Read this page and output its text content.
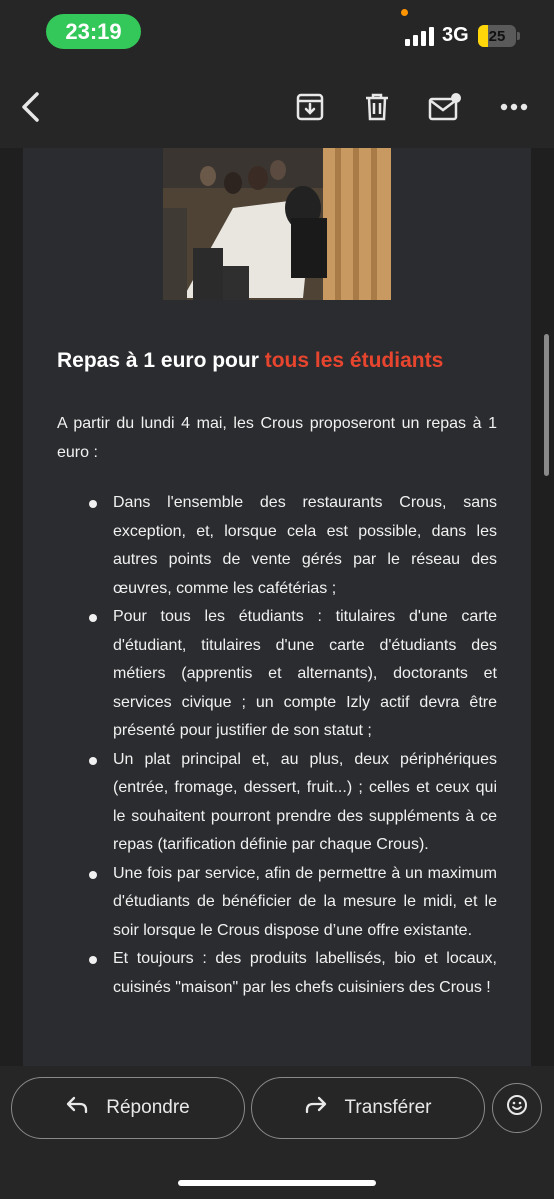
23:19	3G 25
Repas à 1 euro pour tous les étudiants

A partir du lundi 4 mai, les Crous proposeront un repas à 1 euro :

Dans l'ensemble des restaurants Crous, sans exception, et, lorsque cela est possible, dans les autres points de vente gérés par le réseau des œuvres, comme les cafétérias ;
Pour tous les étudiants : titulaires d'une carte d'étudiant, titulaires d'une carte d'étudiants des métiers (apprentis et alternants), doctorants et services civique ; un compte Izly actif devra être présenté pour justifier de son statut ;
Un plat principal et, au plus, deux périphériques (entrée, fromage, dessert, fruit...) ; celles et ceux qui le souhaitent pourront prendre des suppléments à ce repas (tarification définie par chaque Crous).
Une fois par service, afin de permettre à un maximum d'étudiants de bénéficier de la mesure le midi, et le soir lorsque le Crous dispose d’une offre existante.
Et toujours : des produits labellisés, bio et locaux, cuisinés "maison" par les chefs cuisiniers des Crous !
Répondre	Transférer
